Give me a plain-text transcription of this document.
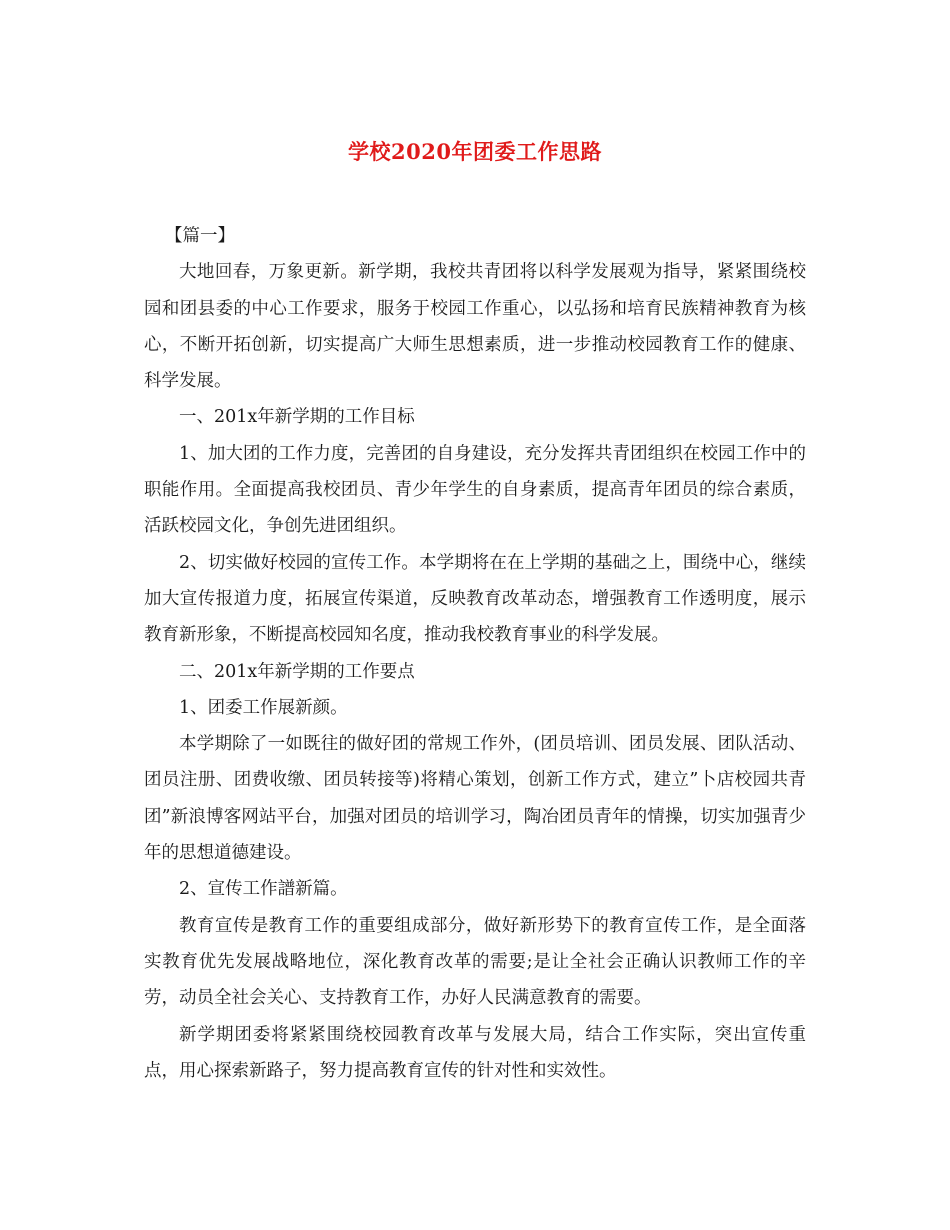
学校2020年团委工作思路

【篇一】

大地回春，万象更新。新学期，我校共青团将以科学发展观为指导，紧紧围绕校园和团县委的中心工作要求，服务于校园工作重心，以弘扬和培育民族精神教育为核心，不断开拓创新，切实提高广大师生思想素质，进一步推动校园教育工作的健康、科学发展。

一、201x年新学期的工作目标

1、加大团的工作力度，完善团的自身建设，充分发挥共青团组织在校园工作中的职能作用。全面提高我校团员、青少年学生的自身素质，提高青年团员的综合素质，活跃校园文化，争创先进团组织。

2、切实做好校园的宣传工作。本学期将在在上学期的基础之上，围绕中心，继续加大宣传报道力度，拓展宣传渠道，反映教育改革动态，增强教育工作透明度，展示教育新形象，不断提高校园知名度，推动我校教育事业的科学发展。

二、201x年新学期的工作要点

1、团委工作展新颜。

本学期除了一如既往的做好团的常规工作外，(团员培训、团员发展、团队活动、团员注册、团费收缴、团员转接等)将精心策划，创新工作方式，建立”卜店校园共青团”新浪博客网站平台，加强对团员的培训学习，陶冶团员青年的情操，切实加强青少年的思想道德建设。

2、宣传工作譜新篇。

教育宣传是教育工作的重要组成部分，做好新形势下的教育宣传工作，是全面落实教育优先发展战略地位，深化教育改革的需要;是让全社会正确认识教师工作的辛劳，动员全社会关心、支持教育工作，办好人民满意教育的需要。

新学期团委将紧紧围绕校园教育改革与发展大局，结合工作实际，突出宣传重点，用心探索新路子，努力提高教育宣传的针对性和实效性。
